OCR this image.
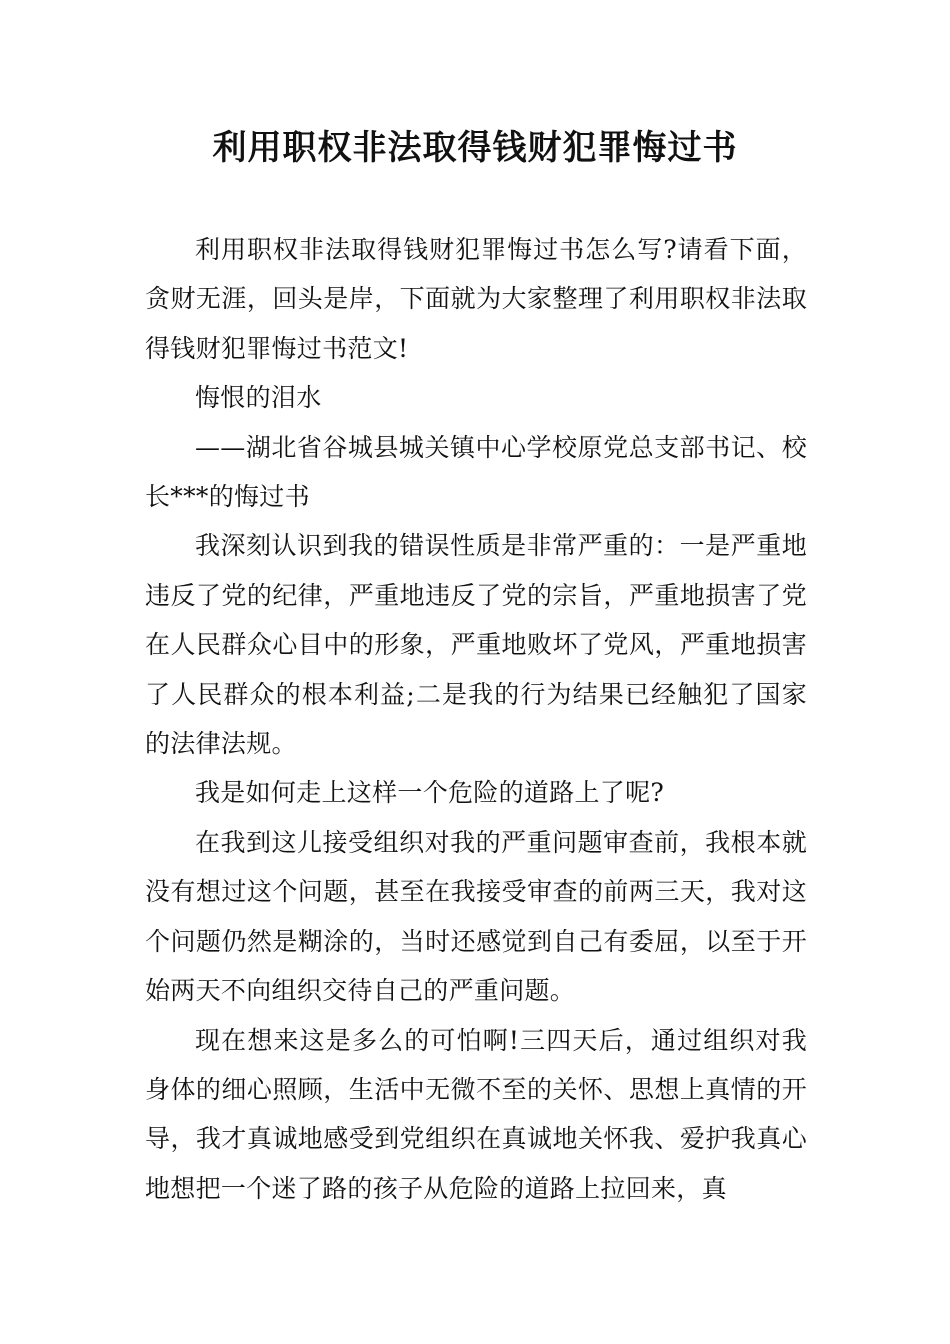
利用职权非法取得钱财犯罪悔过书

利用职权非法取得钱财犯罪悔过书怎么写?请看下面，贪财无涯，回头是岸，下面就为大家整理了利用职权非法取得钱财犯罪悔过书范文!

悔恨的泪水

——湖北省谷城县城关镇中心学校原党总支部书记、校长***的悔过书

我深刻认识到我的错误性质是非常严重的：一是严重地违反了党的纪律，严重地违反了党的宗旨，严重地损害了党在人民群众心目中的形象，严重地败坏了党风，严重地损害了人民群众的根本利益;二是我的行为结果已经触犯了国家的法律法规。

我是如何走上这样一个危险的道路上了呢?

在我到这儿接受组织对我的严重问题审查前，我根本就没有想过这个问题，甚至在我接受审查的前两三天，我对这个问题仍然是糊涂的，当时还感觉到自己有委屈，以至于开始两天不向组织交待自己的严重问题。

现在想来这是多么的可怕啊!三四天后，通过组织对我身体的细心照顾，生活中无微不至的关怀、思想上真情的开导，我才真诚地感受到党组织在真诚地关怀我、爱护我真心地想把一个迷了路的孩子从危险的道路上拉回来，真
